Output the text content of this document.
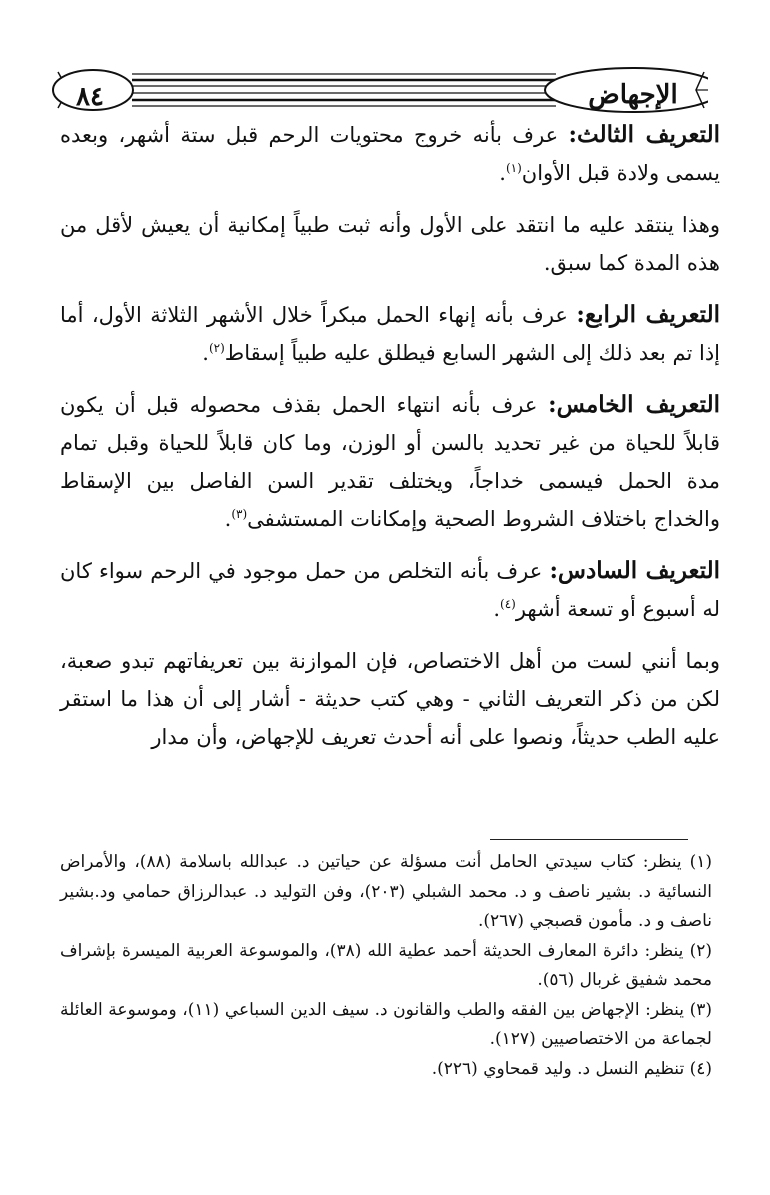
الإجهاض
٨٤

التعريف الثالث: عرف بأنه خروج محتويات الرحم قبل ستة أشهر، وبعده يسمى ولادة قبل الأوان$^{(١)}$.

وهذا ينتقد عليه ما انتقد على الأول وأنه ثبت طبياً إمكانية أن يعيش لأقل من هذه المدة كما سبق.

التعريف الرابع: عرف بأنه إنهاء الحمل مبكراً خلال الأشهر الثلاثة الأول، أما إذا تم بعد ذلك إلى الشهر السابع فيطلق عليه طبياً إسقاط$^{(٢)}$.

التعريف الخامس: عرف بأنه انتهاء الحمل بقذف محصوله قبل أن يكون قابلاً للحياة من غير تحديد بالسن أو الوزن، وما كان قابلاً للحياة وقبل تمام مدة الحمل فيسمى خداجاً، ويختلف تقدير السن الفاصل بين الإسقاط والخداج باختلاف الشروط الصحية وإمكانات المستشفى$^{(٣)}$.

التعريف السادس: عرف بأنه التخلص من حمل موجود في الرحم سواء كان له أسبوع أو تسعة أشهر$^{(٤)}$.

وبما أنني لست من أهل الاختصاص، فإن الموازنة بين تعريفاتهم تبدو صعبة، لكن من ذكر التعريف الثاني - وهي كتب حديثة - أشار إلى أن هذا ما استقر عليه الطب حديثاً، ونصوا على أنه أحدث تعريف للإجهاض، وأن مدار

(١) ينظر: كتاب سيدتي الحامل أنت مسؤلة عن حياتين د. عبدالله باسلامة (٨٨)، والأمراض النسائية د. بشير ناصف و د. محمد الشبلي (٢٠٣)، وفن التوليد د. عبدالرزاق حمامي ود.بشير ناصف و د. مأمون قصبجي (٢٦٧).

(٢) ينظر: دائرة المعارف الحديثة أحمد عطية الله (٣٨)، والموسوعة العربية الميسرة بإشراف محمد شفيق غربال (٥٦).

(٣) ينظر: الإجهاض بين الفقه والطب والقانون د. سيف الدين السباعي (١١)، وموسوعة العائلة لجماعة من الاختصاصيين (١٢٧).

(٤) تنظيم النسل د. وليد قمحاوي (٢٢٦).
